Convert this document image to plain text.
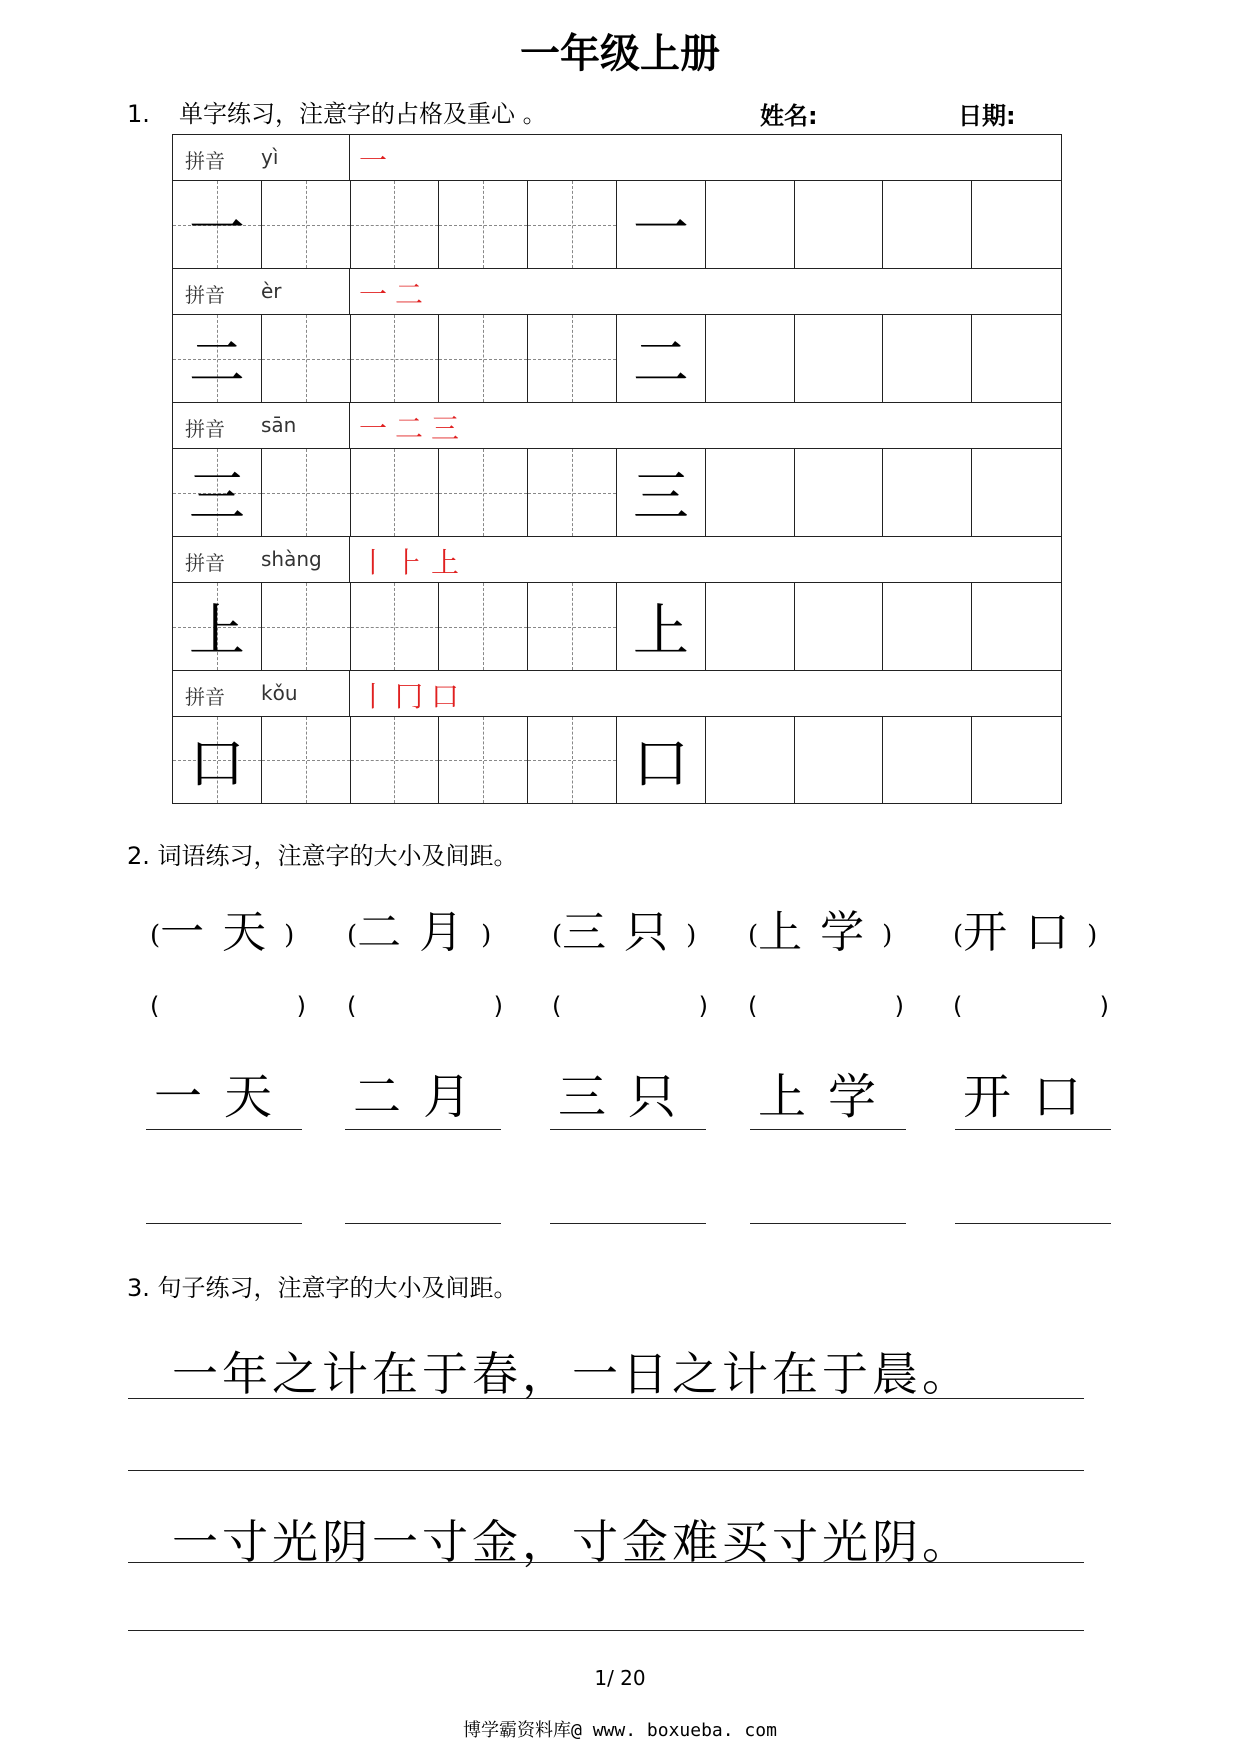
一年级上册
1. 单字练习，注意字的占格及重心 。	姓名:	日期:
拼音 yì	一
一	一
拼音 èr	一二
二	二
拼音 sān 一二三
三	三
拼音 shàng 丨⺊上
上	上
拼音 kǒu 丨冂口
口	口
2. 词语练习，注意字的大小及间距。
(一天) (二月) (三只) (上学) (开口)
(	) (	) (	) (	) (	)
一天 二月 三只 上学 开口
3. 句子练习，注意字的大小及间距。
一年之计在于春，一日之计在于晨。
一寸光阴一寸金，寸金难买寸光阴。
1/ 20
博学霸资料库@ www. boxueba. com
